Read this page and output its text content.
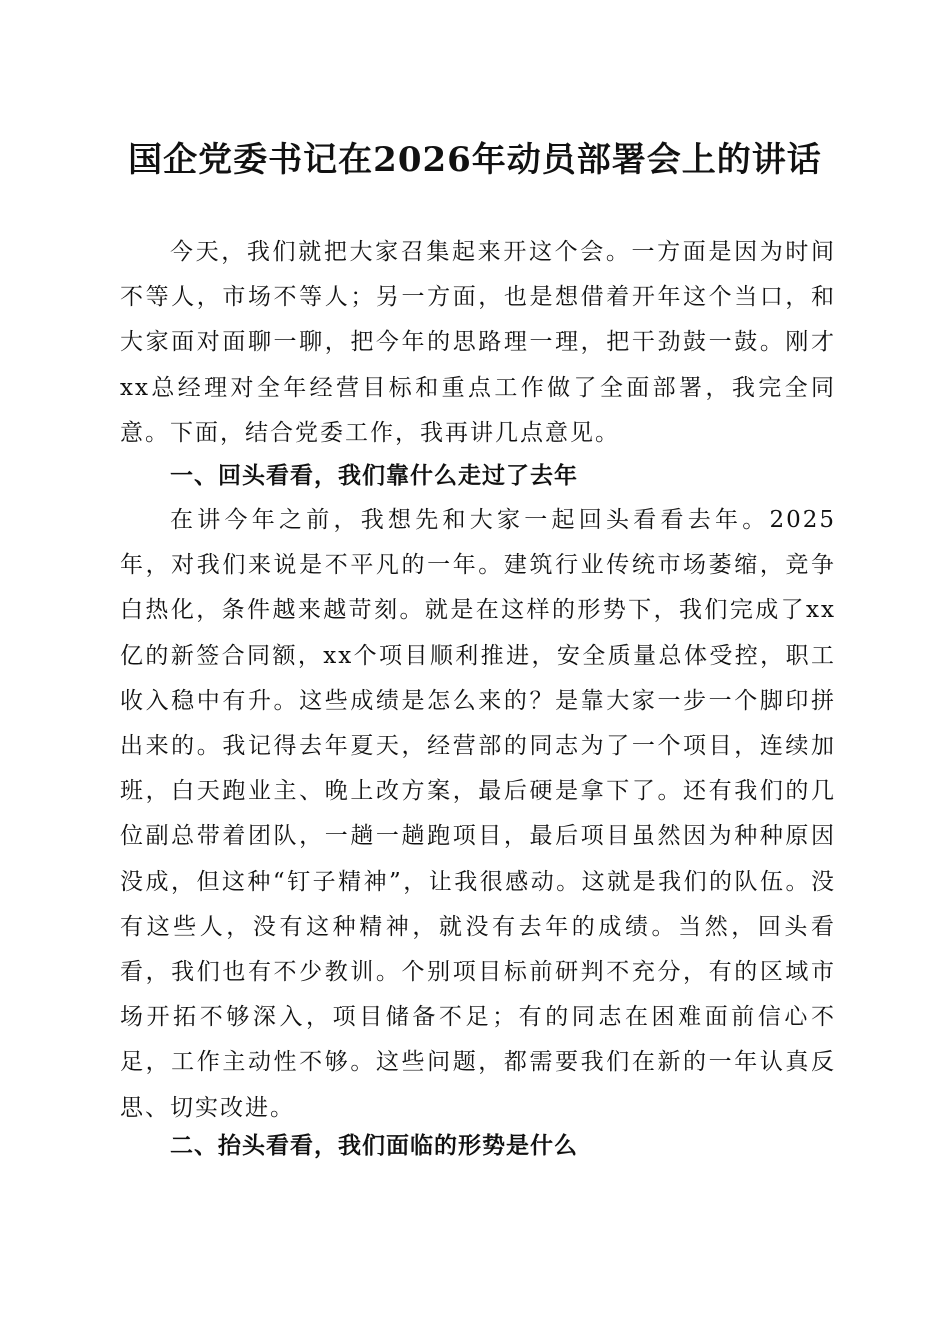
国企党委书记在2026年动员部署会上的讲话

今天，我们就把大家召集起来开这个会。一方面是因为时间不等人，市场不等人；另一方面，也是想借着开年这个当口，和大家面对面聊一聊，把今年的思路理一理，把干劲鼓一鼓。刚才xx总经理对全年经营目标和重点工作做了全面部署，我完全同意。下面，结合党委工作，我再讲几点意见。

一、回头看看，我们靠什么走过了去年

在讲今年之前，我想先和大家一起回头看看去年。2025年，对我们来说是不平凡的一年。建筑行业传统市场萎缩，竞争白热化，条件越来越苛刻。就是在这样的形势下，我们完成了xx亿的新签合同额，xx个项目顺利推进，安全质量总体受控，职工收入稳中有升。这些成绩是怎么来的？是靠大家一步一个脚印拼出来的。我记得去年夏天，经营部的同志为了一个项目，连续加班，白天跑业主、晚上改方案，最后硬是拿下了。还有我们的几位副总带着团队，一趟一趟跑项目，最后项目虽然因为种种原因没成，但这种“钉子精神”，让我很感动。这就是我们的队伍。没有这些人，没有这种精神，就没有去年的成绩。当然，回头看看，我们也有不少教训。个别项目标前研判不充分，有的区域市场开拓不够深入，项目储备不足；有的同志在困难面前信心不足，工作主动性不够。这些问题，都需要我们在新的一年认真反思、切实改进。

二、抬头看看，我们面临的形势是什么
